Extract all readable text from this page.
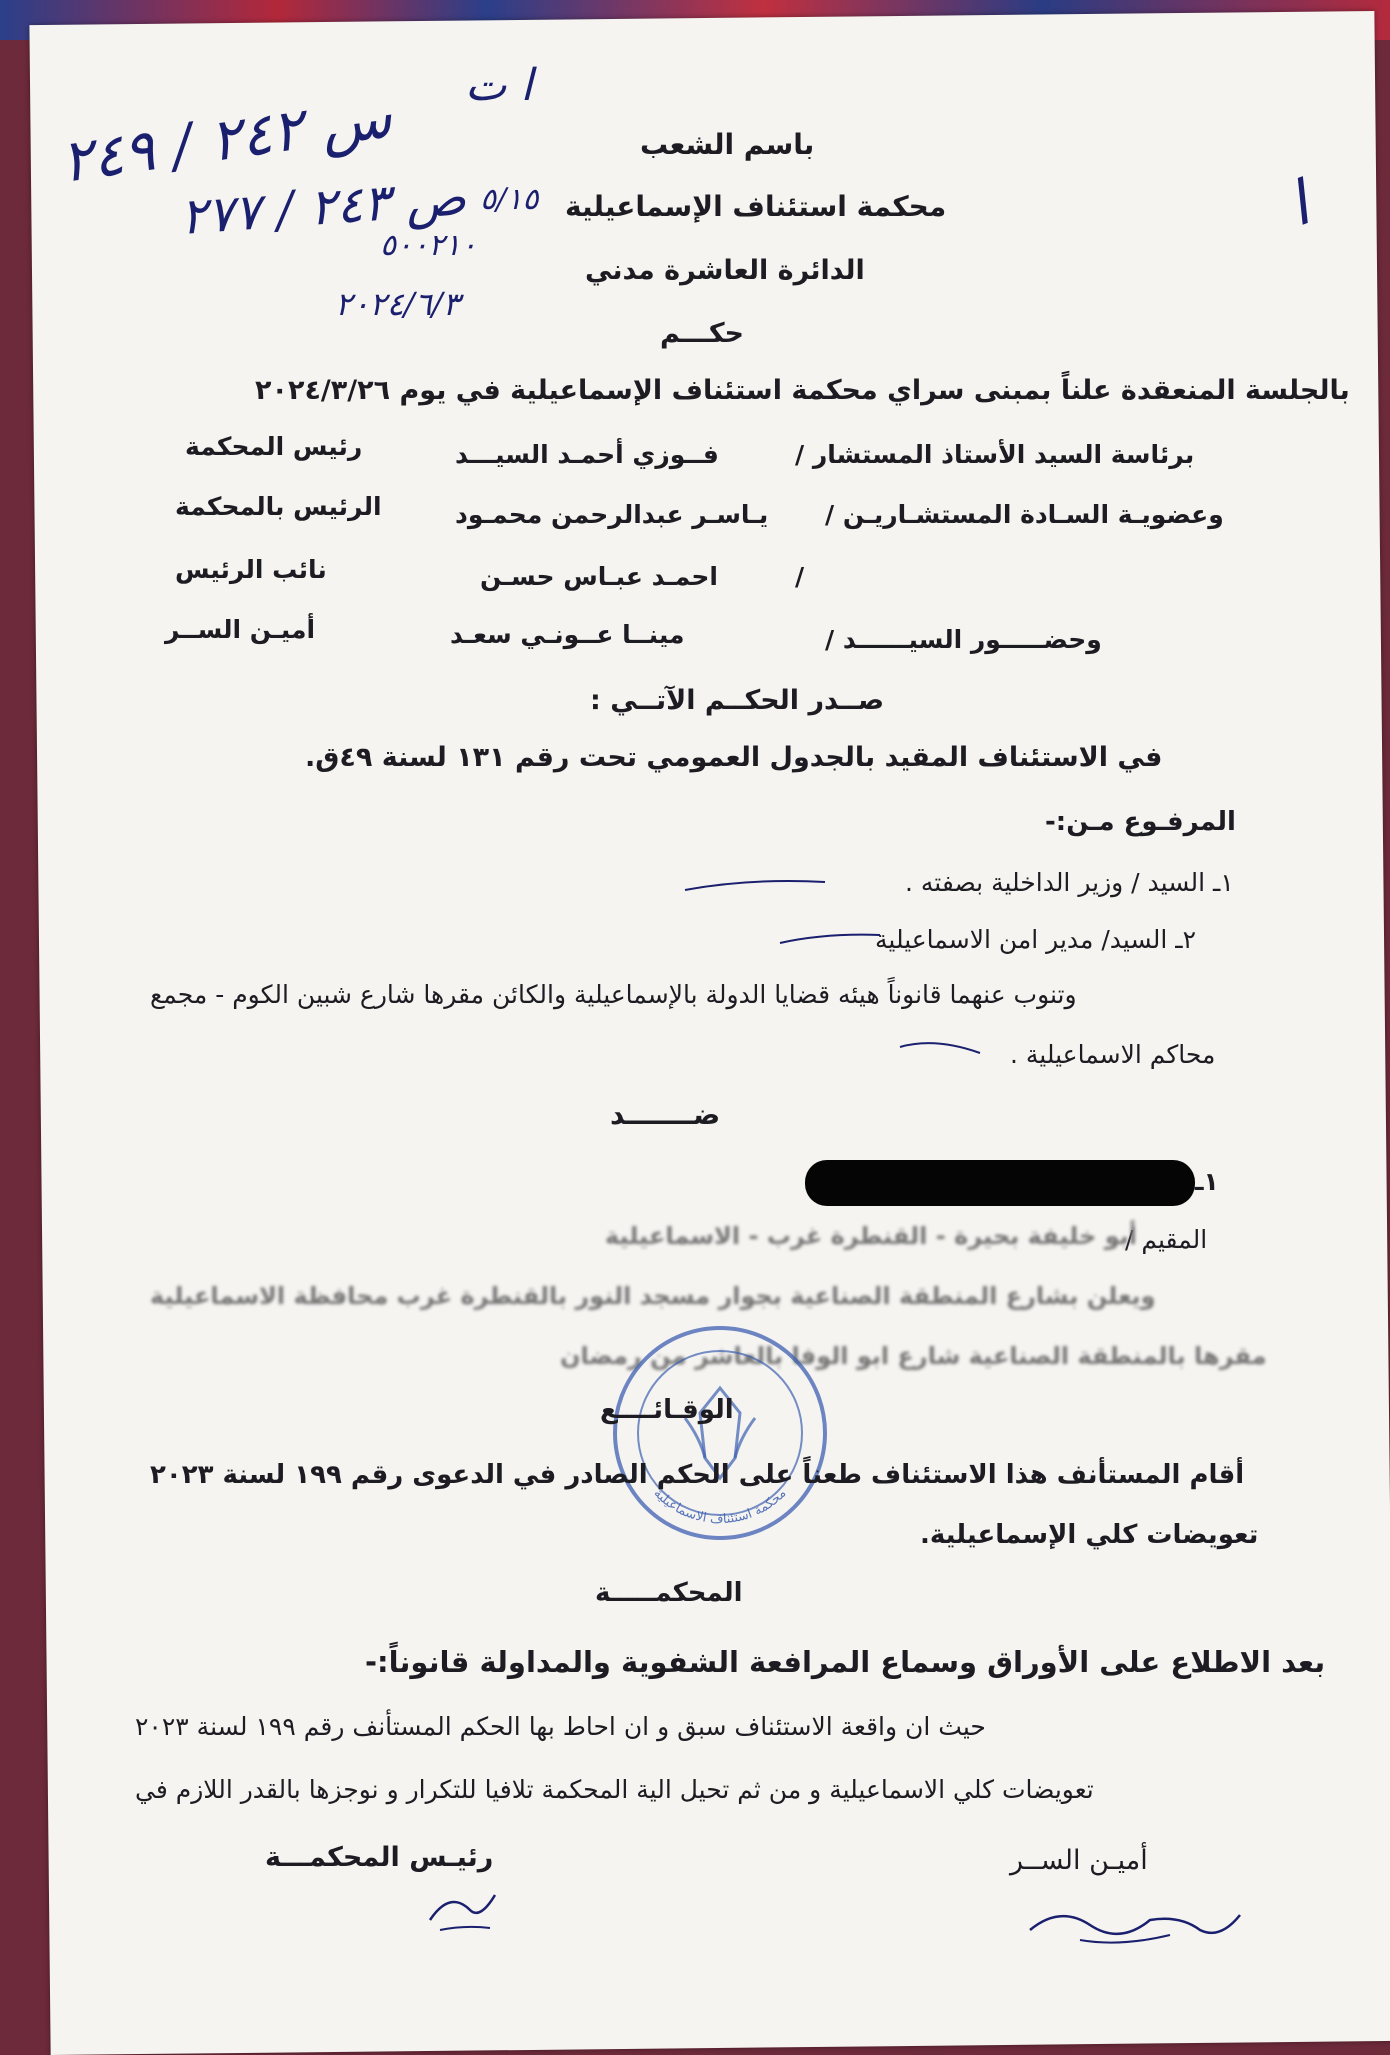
باسم الشعب
محكمة استئناف الإسماعيلية
الدائرة العاشرة مدني
حكـــم
ا ت
س ٢٤٢ / ٢٤٩
ص ٢٤٣ / ٢٧٧ ٥/١٥
٥٠٠٢١٠
٢٠٢٤/٦/٣
ا
بالجلسة المنعقدة علناً بمبنى سراي محكمة استئناف الإسماعيلية في يوم ٢٠٢٤/٣/٢٦
برئاسة السيد الأستاذ المستشار /
فــوزي أحمـد السيـــد
رئيس المحكمة
وعضويـة السـادة المستشـاريـن /
يـاسـر عبدالرحمن محمـود
الرئيس بالمحكمة
/
احمـد عبـاس حسـن
نائب الرئيس
وحضـــــور السيــــــد /
مينــا عــونـي سعـد
أميـن الســر
صــدر الحكــم الآتــي :
في الاستئناف المقيد بالجدول العمومي تحت رقم ١٣١ لسنة ٤٩ق.
المرفـوع مـن:-
١ـ السيد / وزير الداخلية بصفته .
٢ـ السيد/ مدير امن الاسماعيلية
وتنوب عنهما قانوناً هيئه قضايا الدولة بالإسماعيلية والكائن مقرها شارع شبين الكوم - مجمع
محاكم الاسماعيلية .
ضـــــــد
١ـ
المقيم /
أبو خليفة بحيرة - القنطرة غرب - الاسماعيلية
ويعلن بشارع المنطقة الصناعية بجوار مسجد النور بالقنطرة غرب محافظة الاسماعيلية
مقرها بالمنطقة الصناعية شارع ابو الوفا بالعاشر من رمضان
محكمة استئناف الاسماعيلية
الوقـائــــع
أقام المستأنف هذا الاستئناف طعناً على الحكم الصادر في الدعوى رقم ١٩٩ لسنة ٢٠٢٣
تعويضات كلي الإسماعيلية.
المحكمـــــة
بعد الاطلاع على الأوراق وسماع المرافعة الشفوية والمداولة قانوناً:-
حيث ان واقعة الاستئناف سبق و ان احاط بها الحكم المستأنف رقم ١٩٩ لسنة ٢٠٢٣
تعويضات كلي الاسماعيلية و من ثم تحيل الية المحكمة تلافيا للتكرار و نوجزها بالقدر اللازم في
أميـن الســر
رئيـس المحكمـــة
